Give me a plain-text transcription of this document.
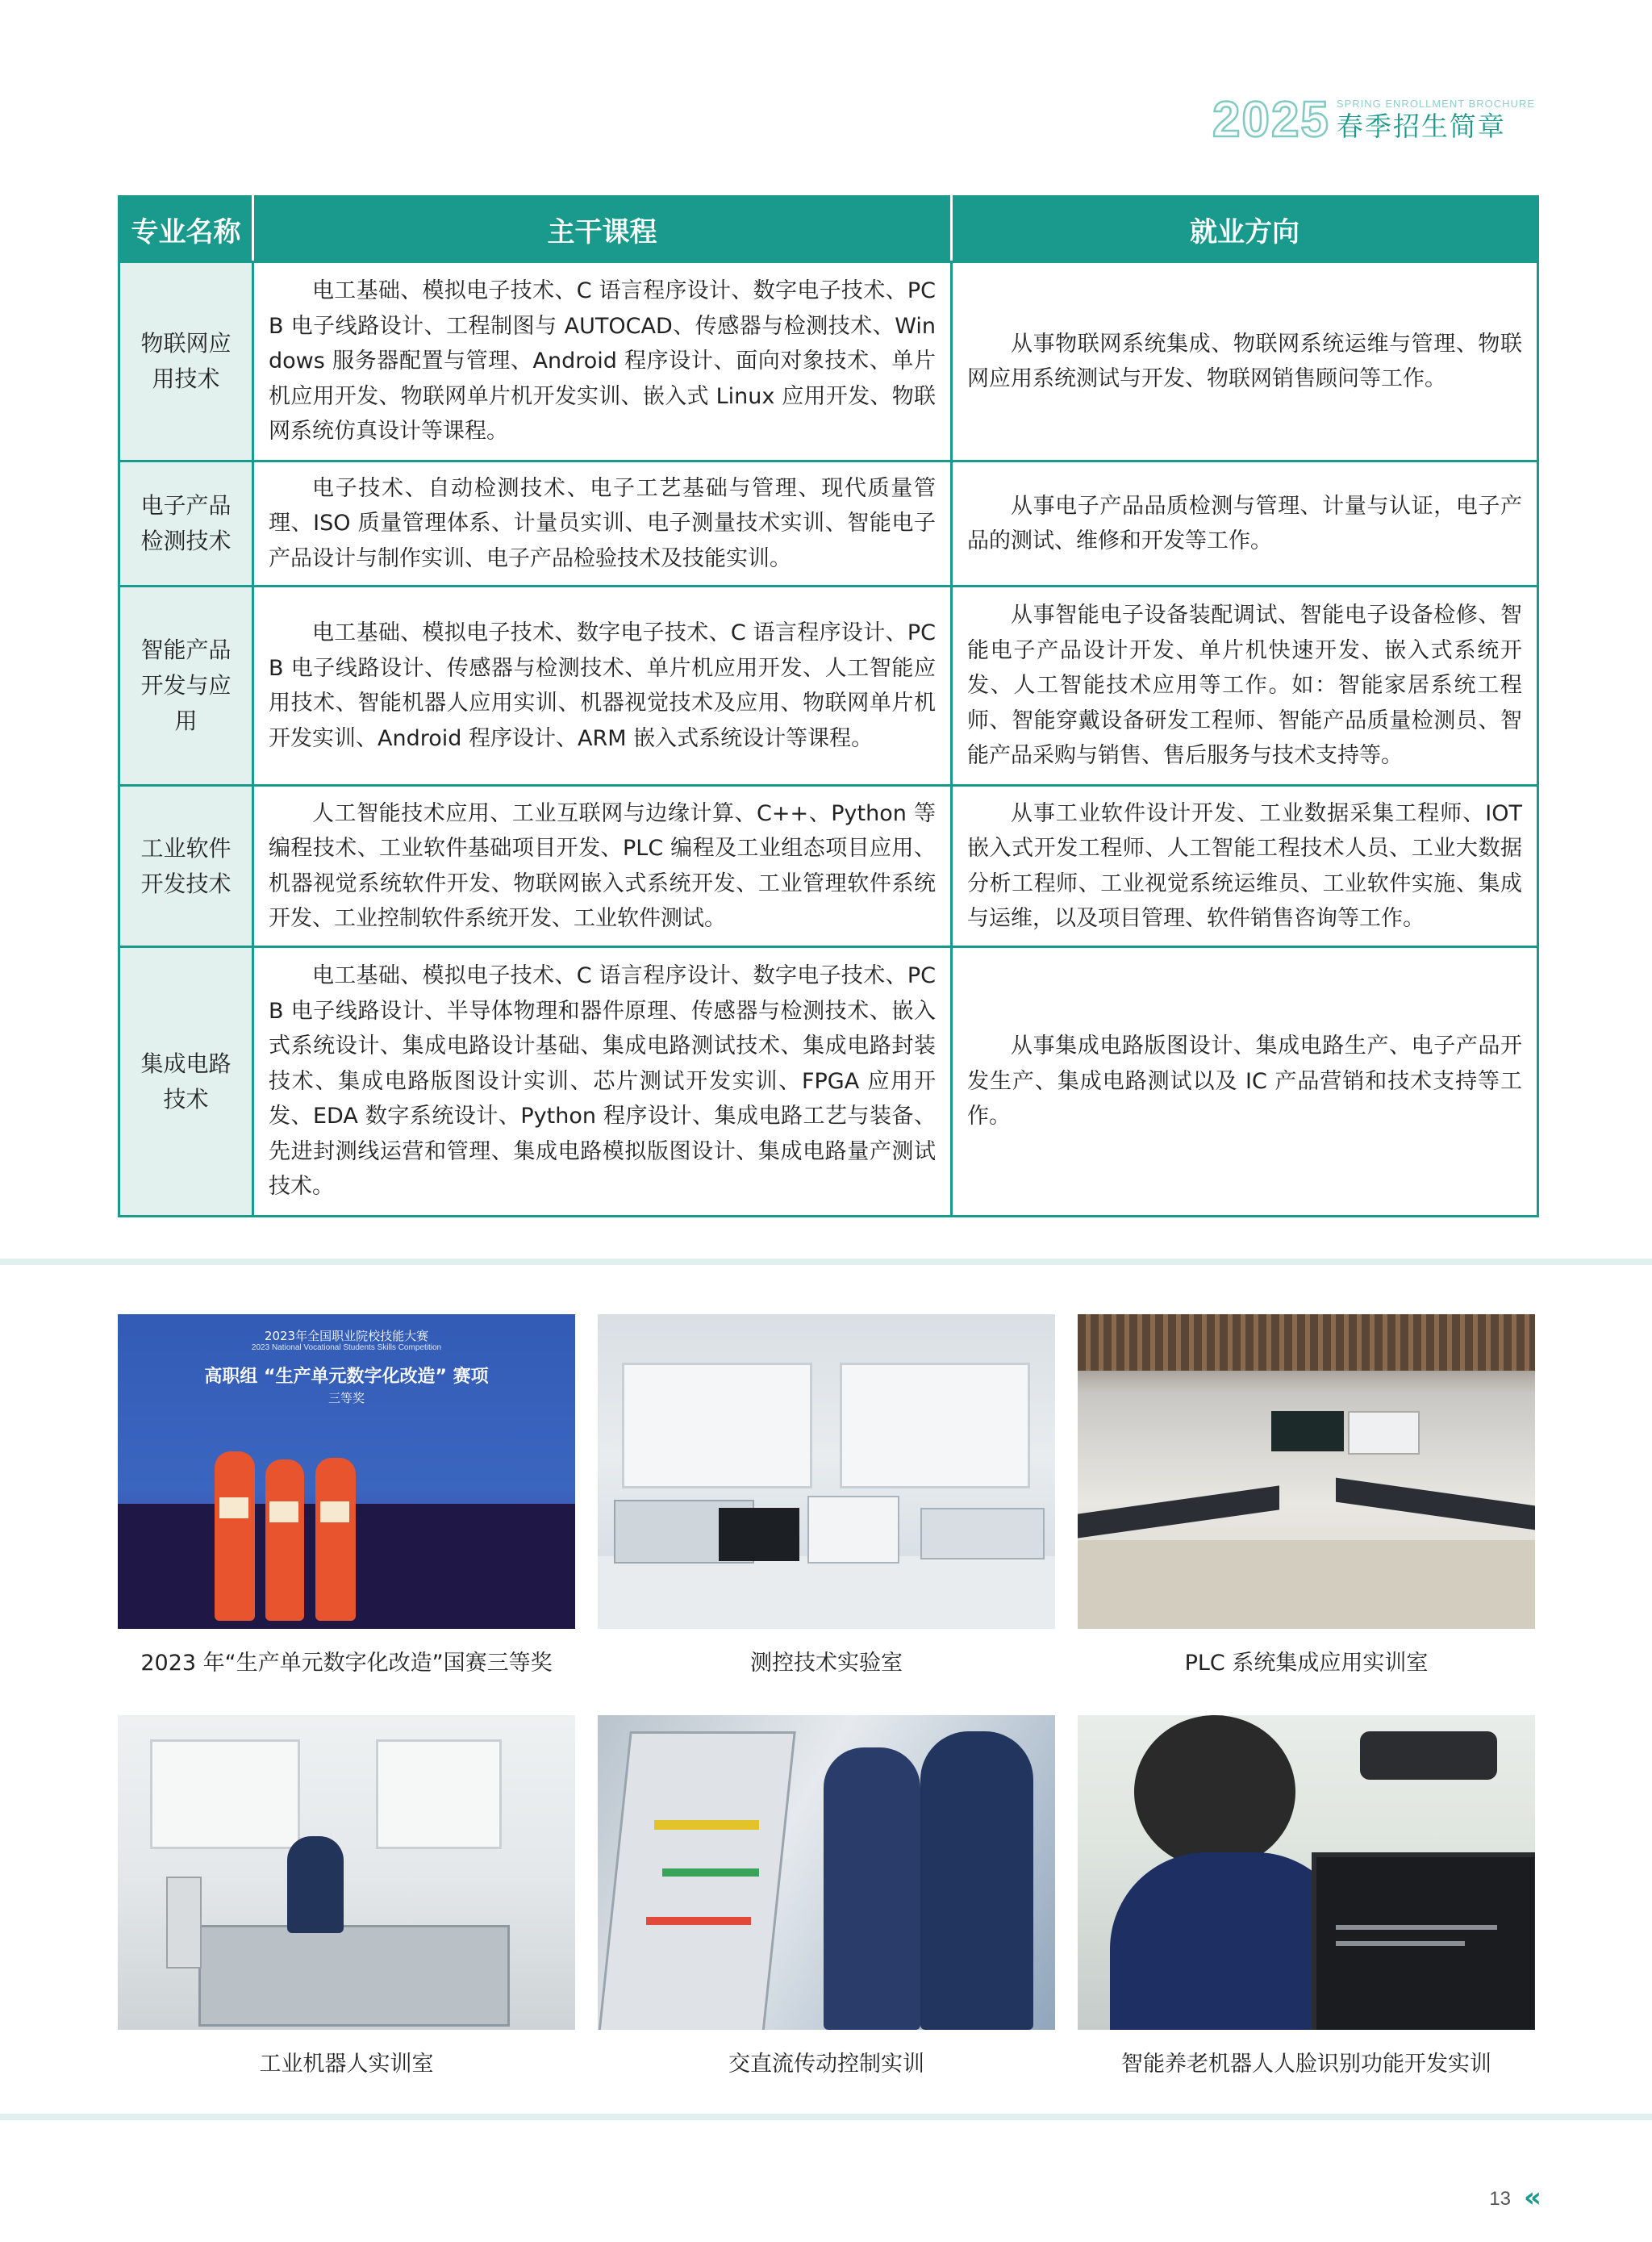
2025 SPRING ENROLLMENT BROCHURE
春季招生简章
专业名称	主干课程	就业方向

物联网应用技术	电工基础、模拟电子技术、C 语言程序设计、数字电子技术、PCB 电子线路设计、工程制图与 AUTOCAD、传感器与检测技术、Windows 服务器配置与管理、Android 程序设计、面向对象技术、单片机应用开发、物联网单片机开发实训、嵌入式 Linux 应用开发、物联网系统仿真设计等课程。	从事物联网系统集成、物联网系统运维与管理、物联网应用系统测试与开发、物联网销售顾问等工作。

电子产品检测技术	电子技术、自动检测技术、电子工艺基础与管理、现代质量管理、ISO 质量管理体系、计量员实训、电子测量技术实训、智能电子产品设计与制作实训、电子产品检验技术及技能实训。	从事电子产品品质检测与管理、计量与认证，电子产品的测试、维修和开发等工作。

智能产品开发与应用	电工基础、模拟电子技术、数字电子技术、C 语言程序设计、PCB 电子线路设计、传感器与检测技术、单片机应用开发、人工智能应用技术、智能机器人应用实训、机器视觉技术及应用、物联网单片机开发实训、Android 程序设计、ARM 嵌入式系统设计等课程。	从事智能电子设备装配调试、智能电子设备检修、智能电子产品设计开发、单片机快速开发、嵌入式系统开发、人工智能技术应用等工作。如：智能家居系统工程师、智能穿戴设备研发工程师、智能产品质量检测员、智能产品采购与销售、售后服务与技术支持等。

工业软件开发技术	人工智能技术应用、工业互联网与边缘计算、C++、Python 等编程技术、工业软件基础项目开发、PLC 编程及工业组态项目应用、机器视觉系统软件开发、物联网嵌入式系统开发、工业管理软件系统开发、工业控制软件系统开发、工业软件测试。	从事工业软件设计开发、工业数据采集工程师、IOT 嵌入式开发工程师、人工智能工程技术人员、工业大数据分析工程师、工业视觉系统运维员、工业软件实施、集成与运维，以及项目管理、软件销售咨询等工作。

集成电路技术	电工基础、模拟电子技术、C 语言程序设计、数字电子技术、PCB 电子线路设计、半导体物理和器件原理、传感器与检测技术、嵌入式系统设计、集成电路设计基础、集成电路测试技术、集成电路封装技术、集成电路版图设计实训、芯片测试开发实训、FPGA 应用开发、EDA 数字系统设计、Python 程序设计、集成电路工艺与装备、先进封测线运营和管理、集成电路模拟版图设计、集成电路量产测试技术。	从事集成电路版图设计、集成电路生产、电子产品开发生产、集成电路测试以及 IC 产品营销和技术支持等工作。
2023年全国职业院校技能大赛
2023 National Vocational Students Skills Competition
高职组 “生产单元数字化改造” 赛项
三等奖
2023 年“生产单元数字化改造”国赛三等奖	测控技术实验室	PLC 系统集成应用实训室
工业机器人实训室	交直流传动控制实训	智能养老机器人人脸识别功能开发实训
13 ‹‹
